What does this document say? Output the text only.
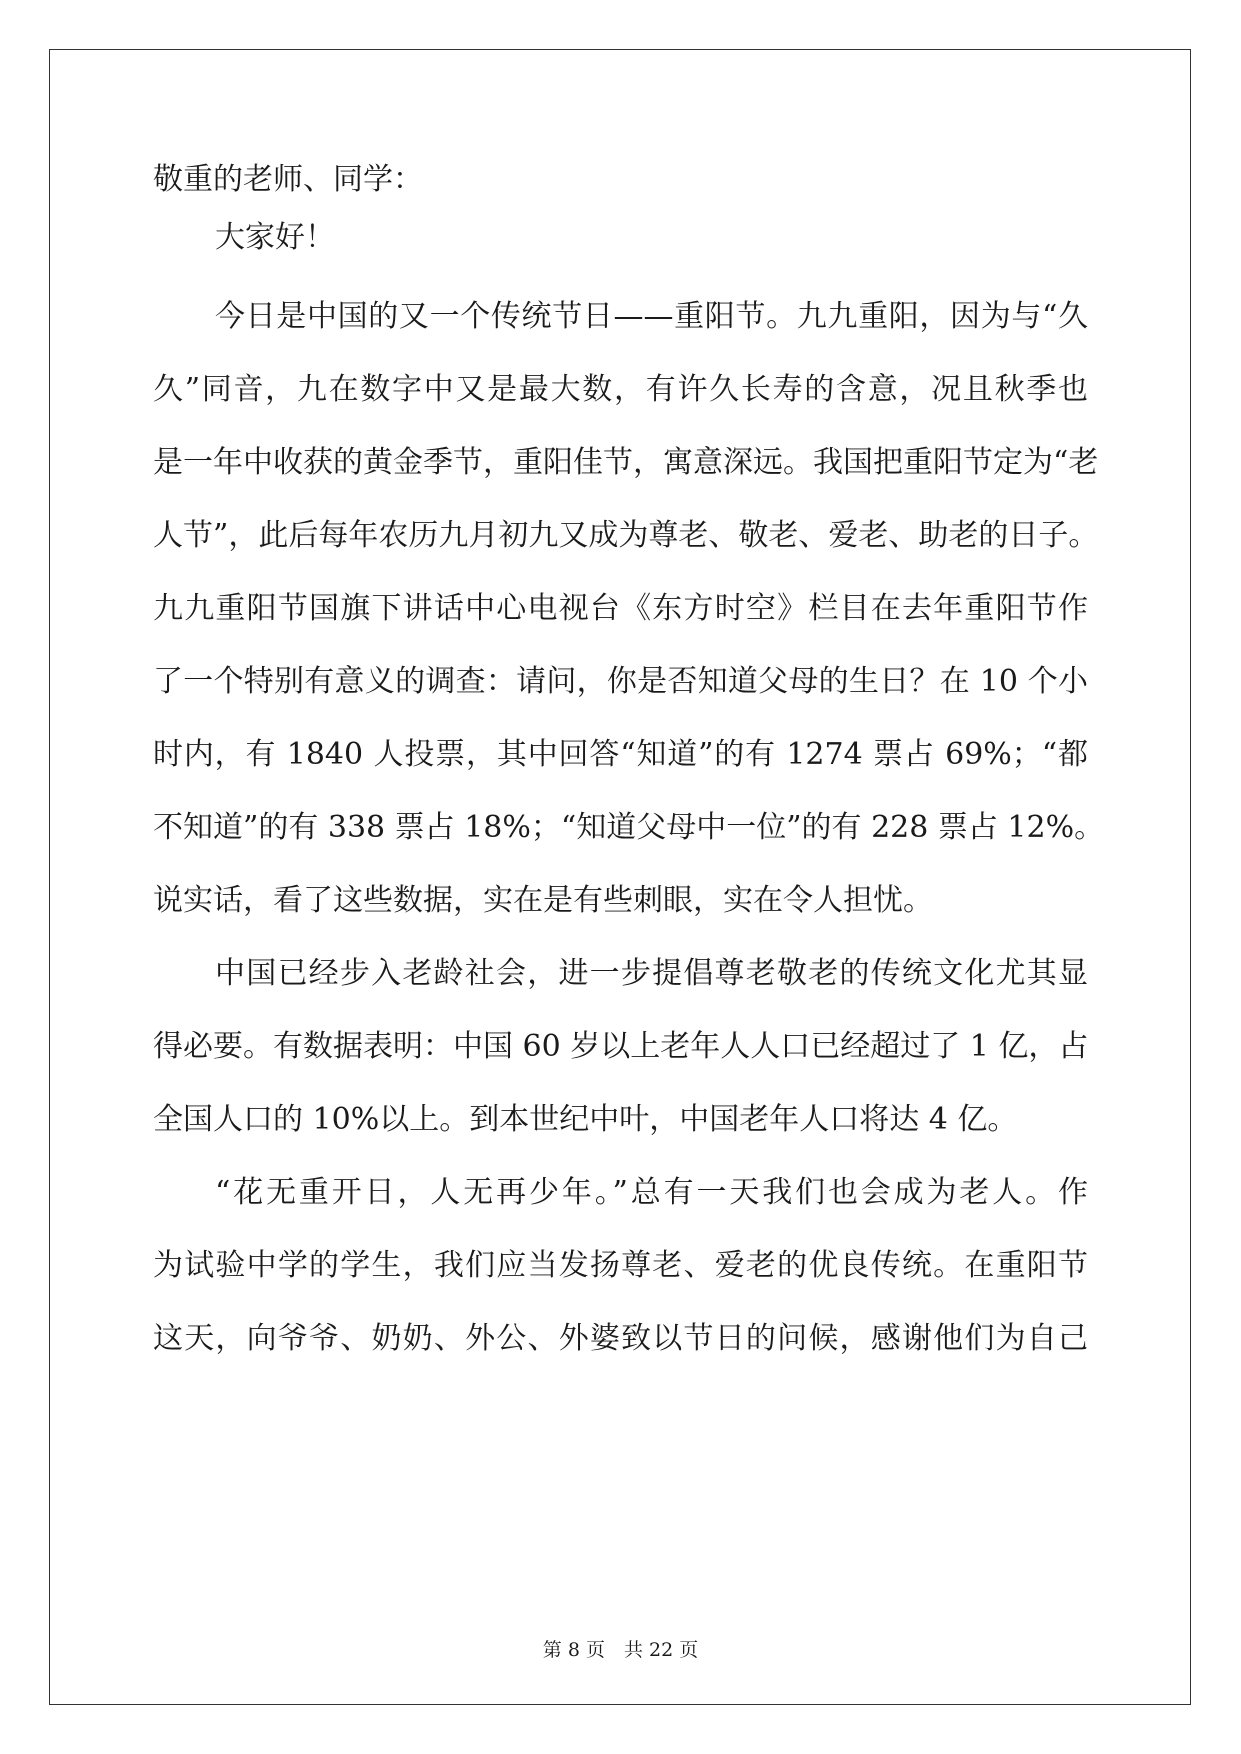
敬重的老师、同学：
大家好！
今日是中国的又一个传统节日——重阳节。九九重阳，因为与“久
久”同音，九在数字中又是最大数，有许久长寿的含意，况且秋季也
是一年中收获的黄金季节，重阳佳节，寓意深远。我国把重阳节定为“老
人节”，此后每年农历九月初九又成为尊老、敬老、爱老、助老的日子。
九九重阳节国旗下讲话中心电视台《东方时空》栏目在去年重阳节作
了一个特别有意义的调查：请问，你是否知道父母的生日？在 10 个小
时内，有 1840 人投票，其中回答“知道”的有 1274 票占 69%；“都
不知道”的有 338 票占 18%；“知道父母中一位”的有 228 票占 12%。
说实话，看了这些数据，实在是有些刺眼，实在令人担忧。
中国已经步入老龄社会，进一步提倡尊老敬老的传统文化尤其显
得必要。有数据表明：中国 60 岁以上老年人人口已经超过了 1 亿，占
全国人口的 10%以上。到本世纪中叶，中国老年人口将达 4 亿。
“花无重开日，人无再少年。”总有一天我们也会成为老人。作
为试验中学的学生，我们应当发扬尊老、爱老的优良传统。在重阳节
这天，向爷爷、奶奶、外公、外婆致以节日的问候，感谢他们为自己
第 8 页　共 22 页
